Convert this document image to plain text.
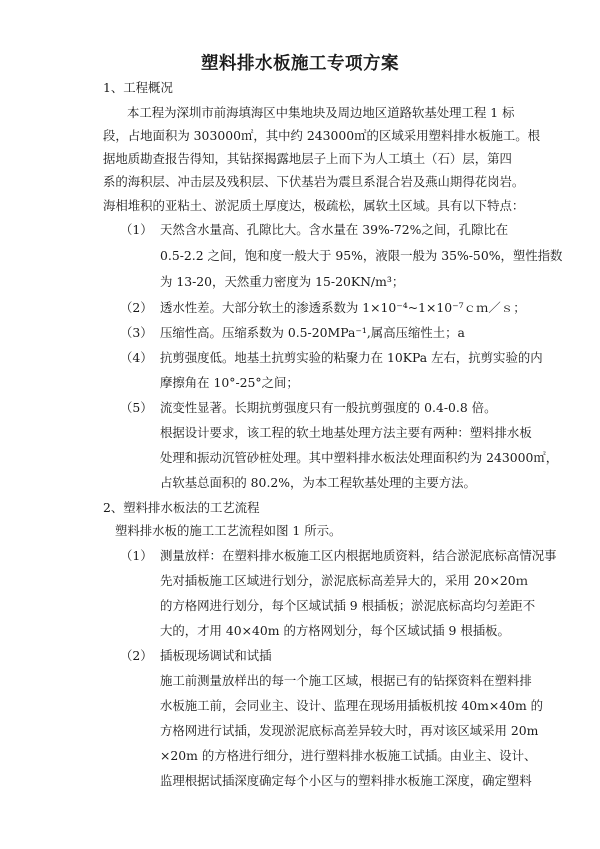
塑料排水板施工专项方案
1、工程概况
本工程为深圳市前海填海区中集地块及周边地区道路软基处理工程 1 标
段，占地面积为 303000㎡，其中约 243000㎡的区域采用塑料排水板施工。根
据地质勘查报告得知，其钻探揭露地层子上而下为人工填土（石）层，第四
系的海积层、冲击层及残积层、下伏基岩为震旦系混合岩及燕山期得花岗岩。
海相堆积的亚粘土、淤泥质土厚度达，极疏松，属软土区域。具有以下特点：
（1） 天然含水量高、孔隙比大。含水量在 39%-72%之间，孔隙比在
0.5-2.2 之间，饱和度一般大于 95%，液限一般为 35%-50%，塑性指数
为 13-20，天然重力密度为 15-20KN/m³；
（2） 透水性差。大部分软土的渗透系数为 1×10⁻⁴~1×10⁻⁷ｃｍ／ｓ；
（3） 压缩性高。压缩系数为 0.5-20MPa⁻¹,属高压缩性土；a
（4） 抗剪强度低。地基土抗剪实验的粘聚力在 10KPa 左右，抗剪实验的内
摩擦角在 10°-25°之间；
（5） 流变性显著。长期抗剪强度只有一般抗剪强度的 0.4-0.8 倍。
根据设计要求，该工程的软土地基处理方法主要有两种：塑料排水板
处理和振动沉管砂桩处理。其中塑料排水板法处理面积约为 243000㎡，
占软基总面积的 80.2%，为本工程软基处理的主要方法。
2、塑料排水板法的工艺流程
塑料排水板的施工工艺流程如图 1 所示。
（1） 测量放样：在塑料排水板施工区内根据地质资料，结合淤泥底标高情况事
先对插板施工区域进行划分，淤泥底标高差异大的，采用 20×20ｍ
的方格网进行划分，每个区域试插 9 根插板；淤泥底标高均匀差距不
大的，才用 40×40m 的方格网划分，每个区域试插 9 根插板。
（2） 插板现场调试和试插
施工前测量放样出的每一个施工区域，根据已有的钻探资料在塑料排
水板施工前，会同业主、设计、监理在现场用插板机按 40m×40m 的
方格网进行试插，发现淤泥底标高差异较大时，再对该区域采用 20m
×20m 的方格进行细分，进行塑料排水板施工试插。由业主、设计、
监理根据试插深度确定每个小区与的塑料排水板施工深度，确定塑料
